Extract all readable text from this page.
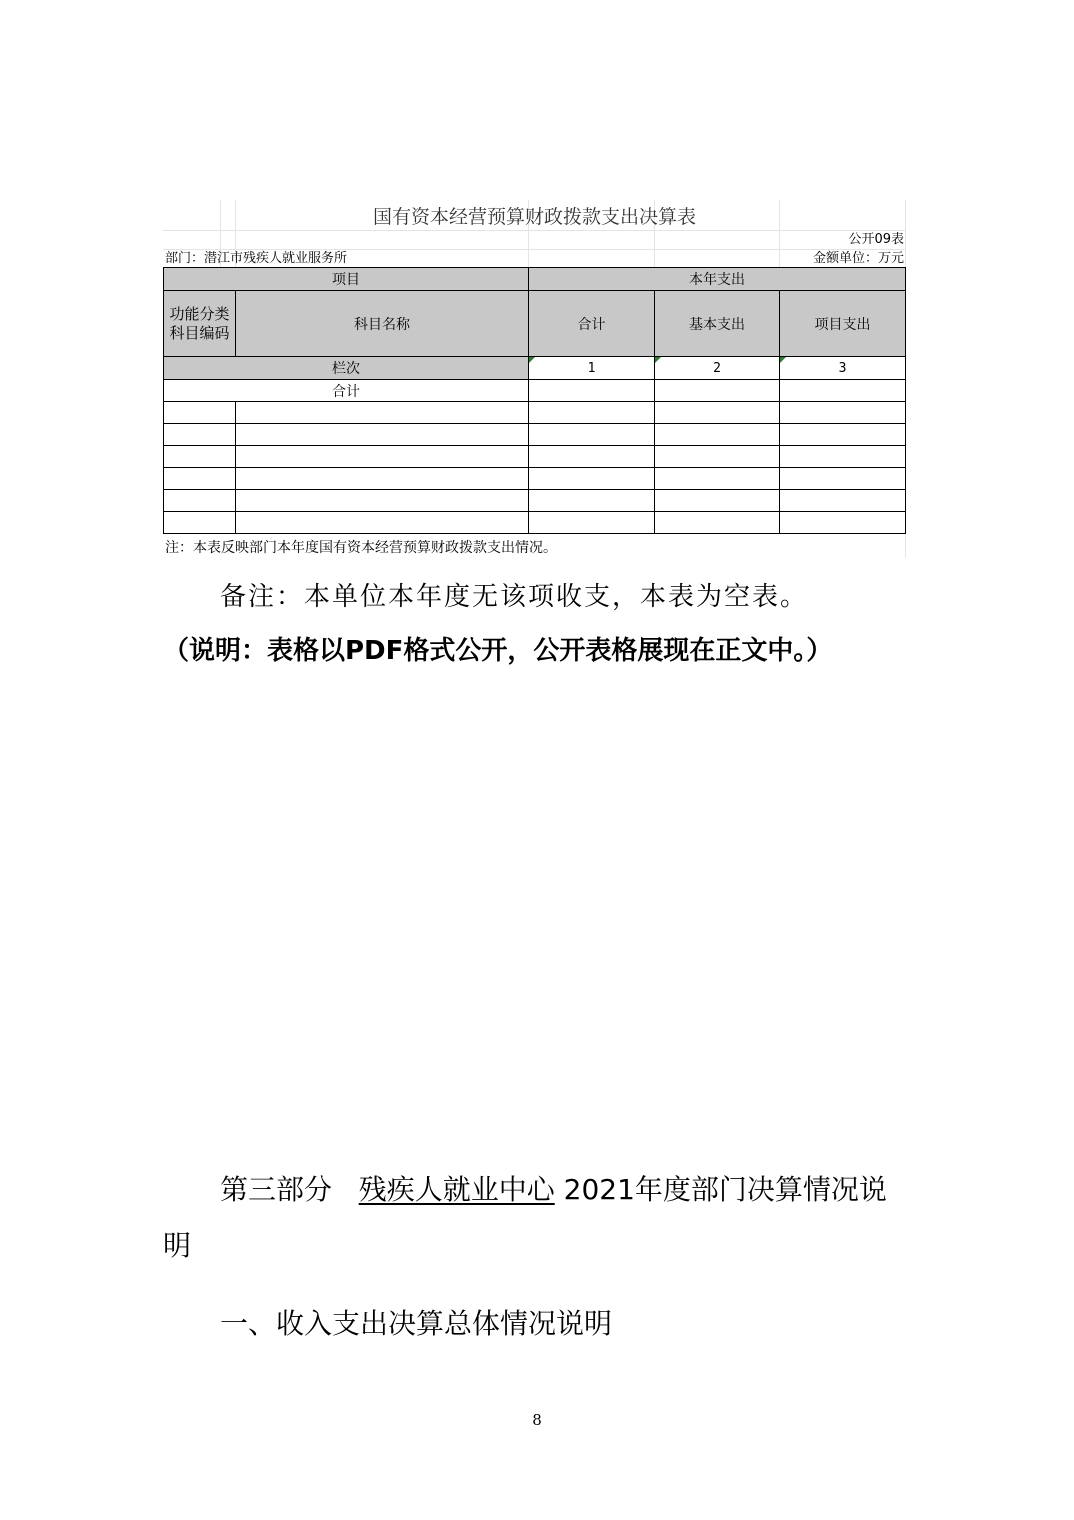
国有资本经营预算财政拨款支出决算表
公开09表
部门：潜江市残疾人就业服务所	金额单位：万元
项目		本年支出		
功能分类科目编码	科目名称	合计	基本支出	项目支出
栏次		1	2	3
合计				

注：本表反映部门本年度国有资本经营预算财政拨款支出情况。
备注：本单位本年度无该项收支，本表为空表。
（说明：表格以PDF格式公开，公开表格展现在正文中。）
第三部分 残疾人就业中心 2021年度部门决算情况说
明
一、收入支出决算总体情况说明
8
